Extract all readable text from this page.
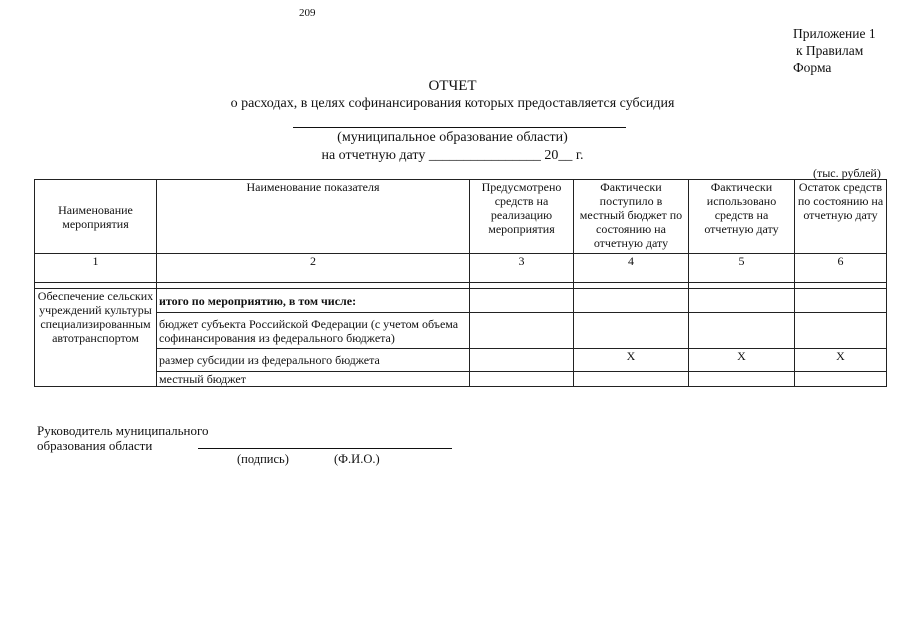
209
Приложение 1
к Правилам
Форма
ОТЧЕТ
о расходах, в целях софинансирования которых предоставляется субсидия
(муниципальное образование области)
на отчетную дату ________________ 20__ г.
(тыс. рублей)
Наименование мероприятия	Наименование показателя	Предусмотрено средств на реализацию мероприятия	Фактически поступило в местный бюджет по состоянию на отчетную дату	Фактически использовано средств на отчетную дату	Остаток средств по состоянию на отчетную дату
1	2	3	4	5	6

Обеспечение сельских учреждений культуры специализированным автотранспортом	итого по мероприятию, в том числе:				
	бюджет субъекта Российской Федерации (с учетом объема софинансирования из федерального бюджета)				
	размер субсидии из федерального бюджета		X	X	X
	местный бюджет				
Руководитель муниципального
образования области
(подпись)	(Ф.И.О.)
